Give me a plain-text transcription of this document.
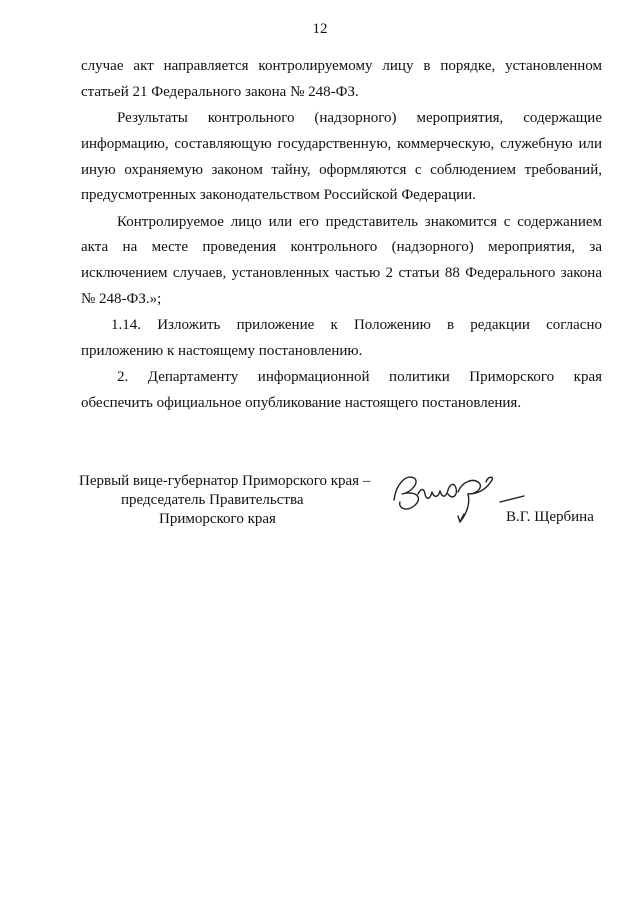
12
случае акт направляется контролируемому лицу в порядке, установленном
статьей 21 Федерального закона № 248-ФЗ.
Результаты контрольного (надзорного) мероприятия, содержащие
информацию, составляющую государственную, коммерческую, служебную или
иную охраняемую законом тайну, оформляются с соблюдением требований,
предусмотренных законодательством Российской Федерации.
Контролируемое лицо или его представитель знакомится с содержанием
акта на месте проведения контрольного (надзорного) мероприятия, за
исключением случаев, установленных частью 2 статьи 88 Федерального закона
№ 248-ФЗ.»;
1.14. Изложить приложение к Положению в редакции согласно
приложению к настоящему постановлению.
2. Департаменту информационной политики Приморского края
обеспечить официальное опубликование настоящего постановления.
Первый вице-губернатор Приморского края –
председатель Правительства
Приморского края	В.Г. Щербина
